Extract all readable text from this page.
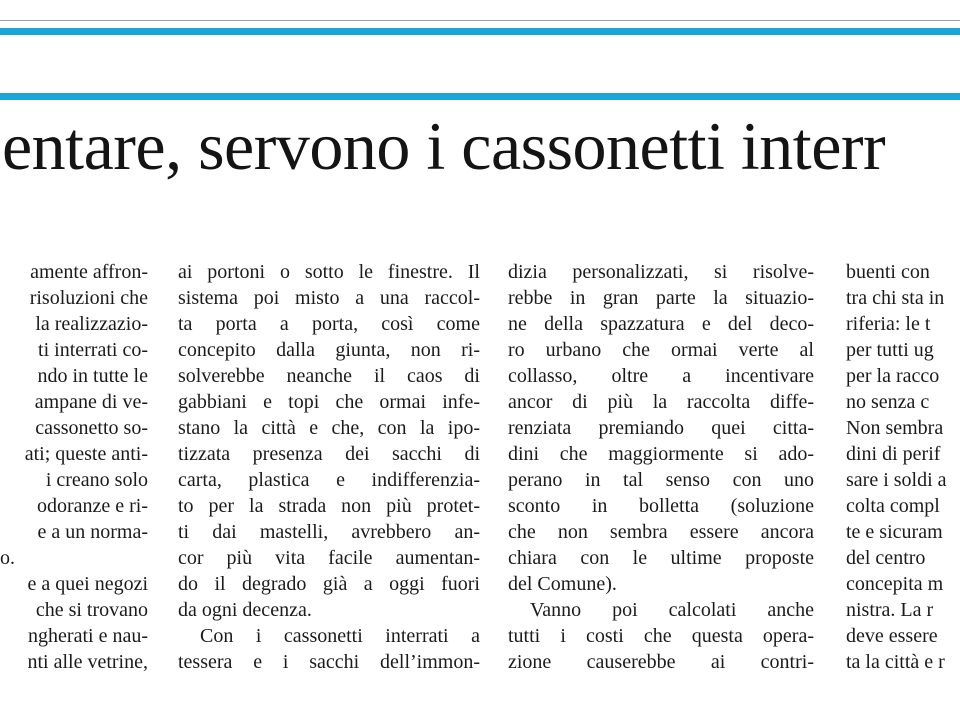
entare, servono i cassonetti interr
amente affron-
risoluzioni che
la realizzazio-
ti interrati co-
ndo in tutte le
ampane di ve-
cassonetto so-
ati; queste anti-
i creano solo
odoranze e ri-
e a un norma-
o.
e a quei negozi
che si trovano
ngherati e nau-
nti alle vetrine,
ai portoni o sotto le finestre. Il
sistema poi misto a una raccol-
ta porta a porta, così come
concepito dalla giunta, non ri-
solverebbe neanche il caos di
gabbiani e topi che ormai infe-
stano la città e che, con la ipo-
tizzata presenza dei sacchi di
carta, plastica e indifferenzia-
to per la strada non più protet-
ti dai mastelli, avrebbero an-
cor più vita facile aumentan-
do il degrado già a oggi fuori
da ogni decenza.
Con i cassonetti interrati a
tessera e i sacchi dell’immon-
dizia personalizzati, si risolve-
rebbe in gran parte la situazio-
ne della spazzatura e del deco-
ro urbano che ormai verte al
collasso, oltre a incentivare
ancor di più la raccolta diffe-
renziata premiando quei citta-
dini che maggiormente si ado-
perano in tal senso con uno
sconto in bolletta (soluzione
che non sembra essere ancora
chiara con le ultime proposte
del Comune).
Vanno poi calcolati anche
tutti i costi che questa opera-
zione causerebbe ai contri-
buenti con
tra chi sta in
riferia: le t
per tutti ug
per la racco
no senza c
Non sembra
dini di perif
sare i soldi a
colta compl
te e sicuram
del centro
concepita m
nistra. La r
deve essere
ta la città e r
